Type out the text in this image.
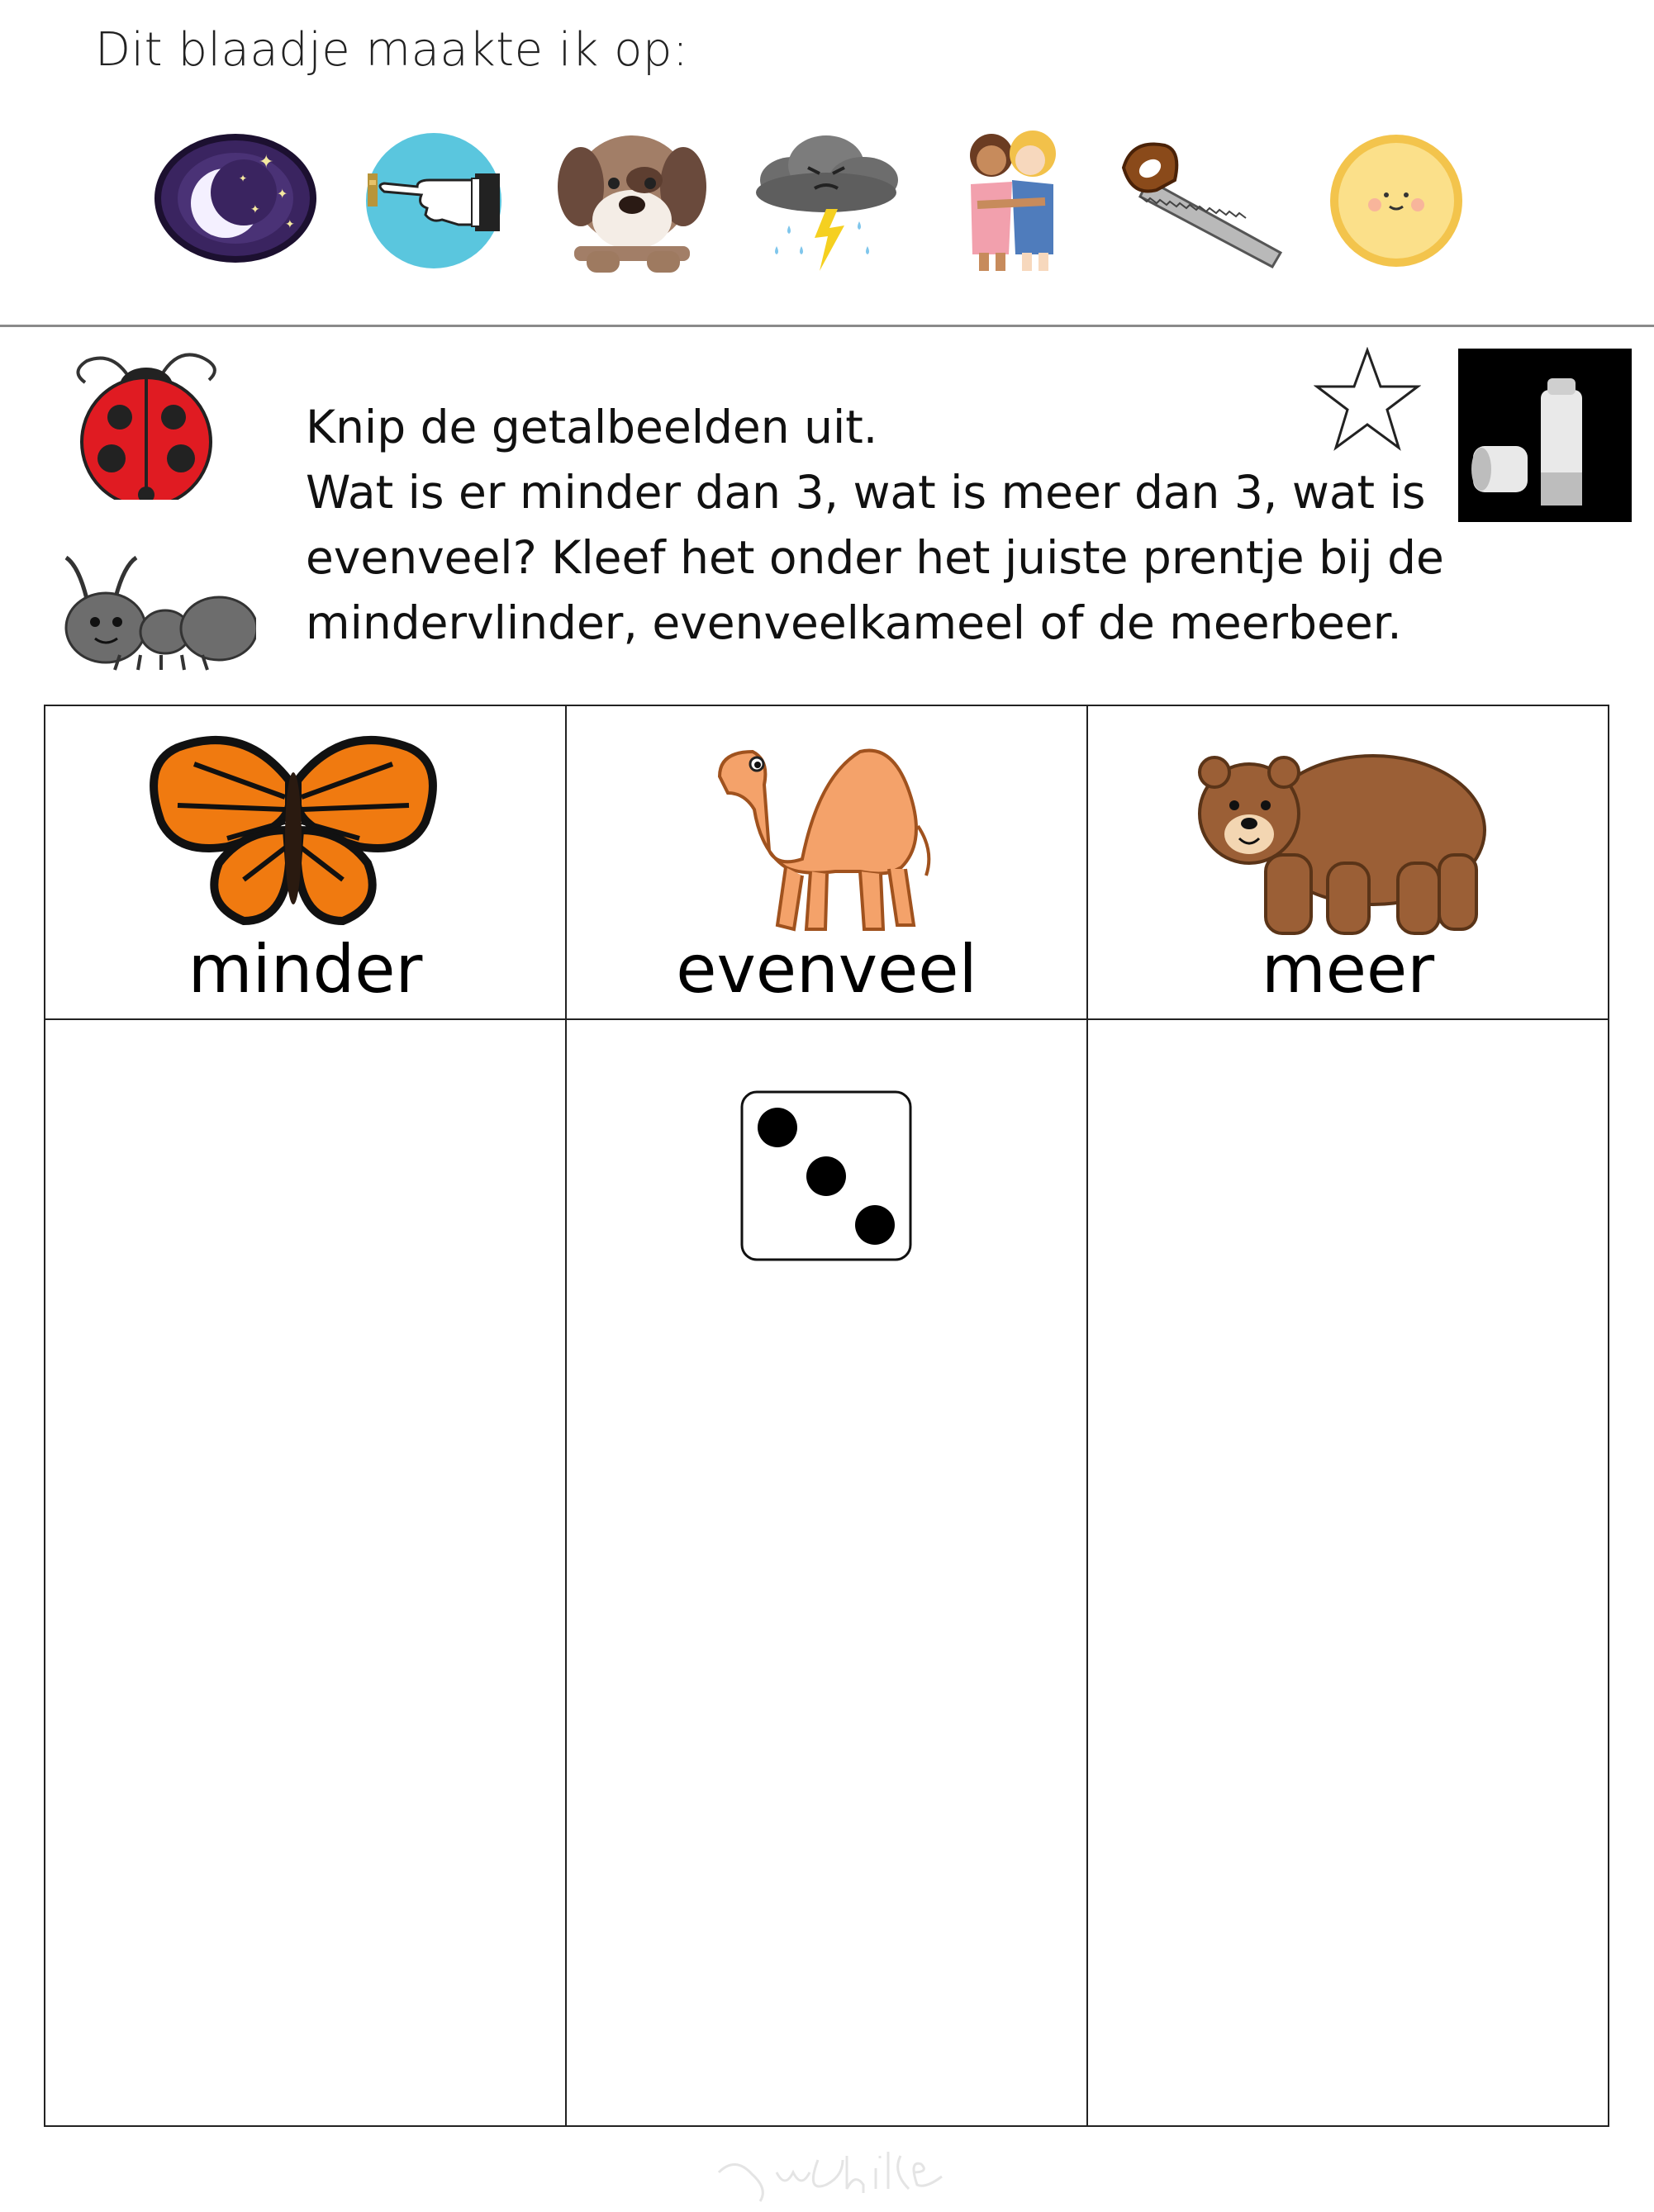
Dit blaadje maakte ik op:
✦
✦
✦
✦
✦
Knip de getalbeelden uit.
Wat is er minder dan 3, wat is meer dan 3, wat is
evenveel? Kleef het onder het juiste prentje bij de
mindervlinder, evenveelkameel of de meerbeer.
minder	evenveel	meer
